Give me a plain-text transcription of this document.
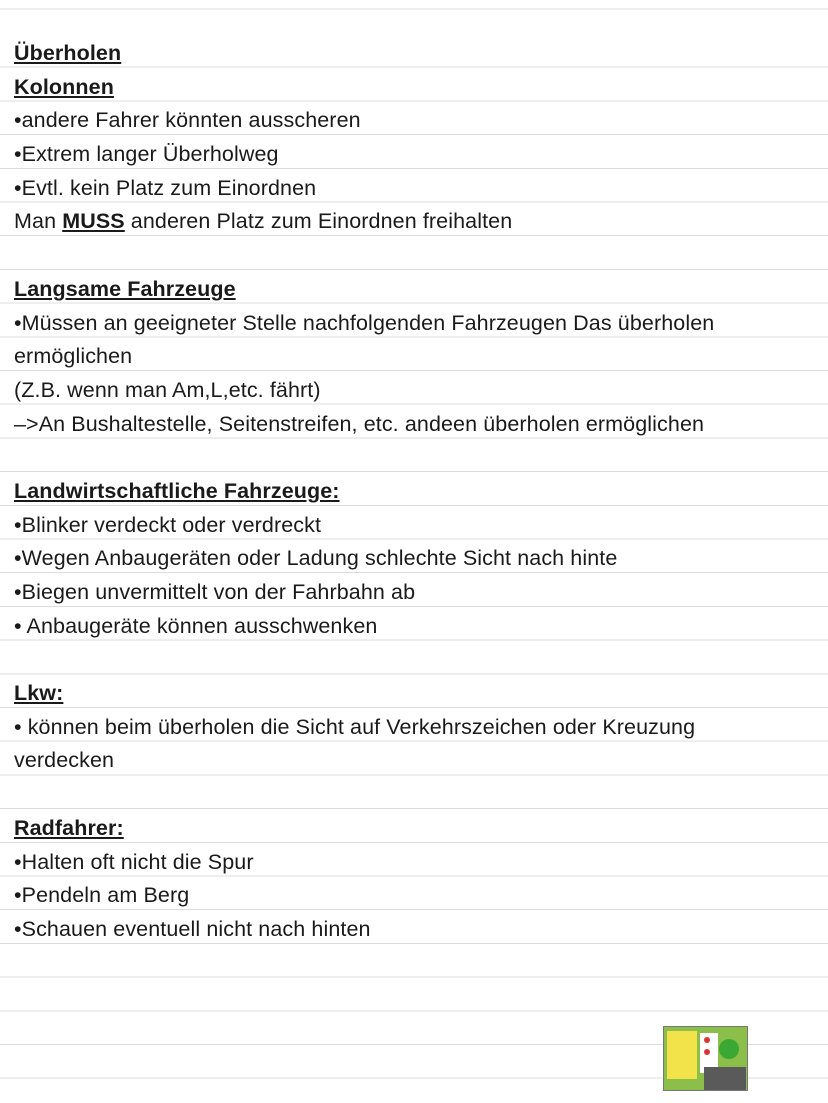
Überholen
Kolonnen
•andere Fahrer könnten ausscheren
•Extrem langer Überholweg
•Evtl. kein Platz zum Einordnen
Man MUSS anderen Platz zum Einordnen freihalten
Langsame Fahrzeuge
•Müssen an geeigneter Stelle nachfolgenden Fahrzeugen Das überholen
ermöglichen
(Z.B. wenn man Am,L,etc. fährt)
–>An Bushaltestelle, Seitenstreifen, etc. andeen überholen ermöglichen
Landwirtschaftliche Fahrzeuge:
•Blinker verdeckt oder verdreckt
•Wegen Anbaugeräten oder Ladung schlechte Sicht nach hinte
•Biegen unvermittelt von der Fahrbahn ab
• Anbaugeräte können ausschwenken
Lkw:
• können beim überholen die Sicht auf Verkehrszeichen oder Kreuzung
verdecken
Radfahrer:
•Halten oft nicht die Spur
•Pendeln am Berg
•Schauen eventuell nicht nach hinten
